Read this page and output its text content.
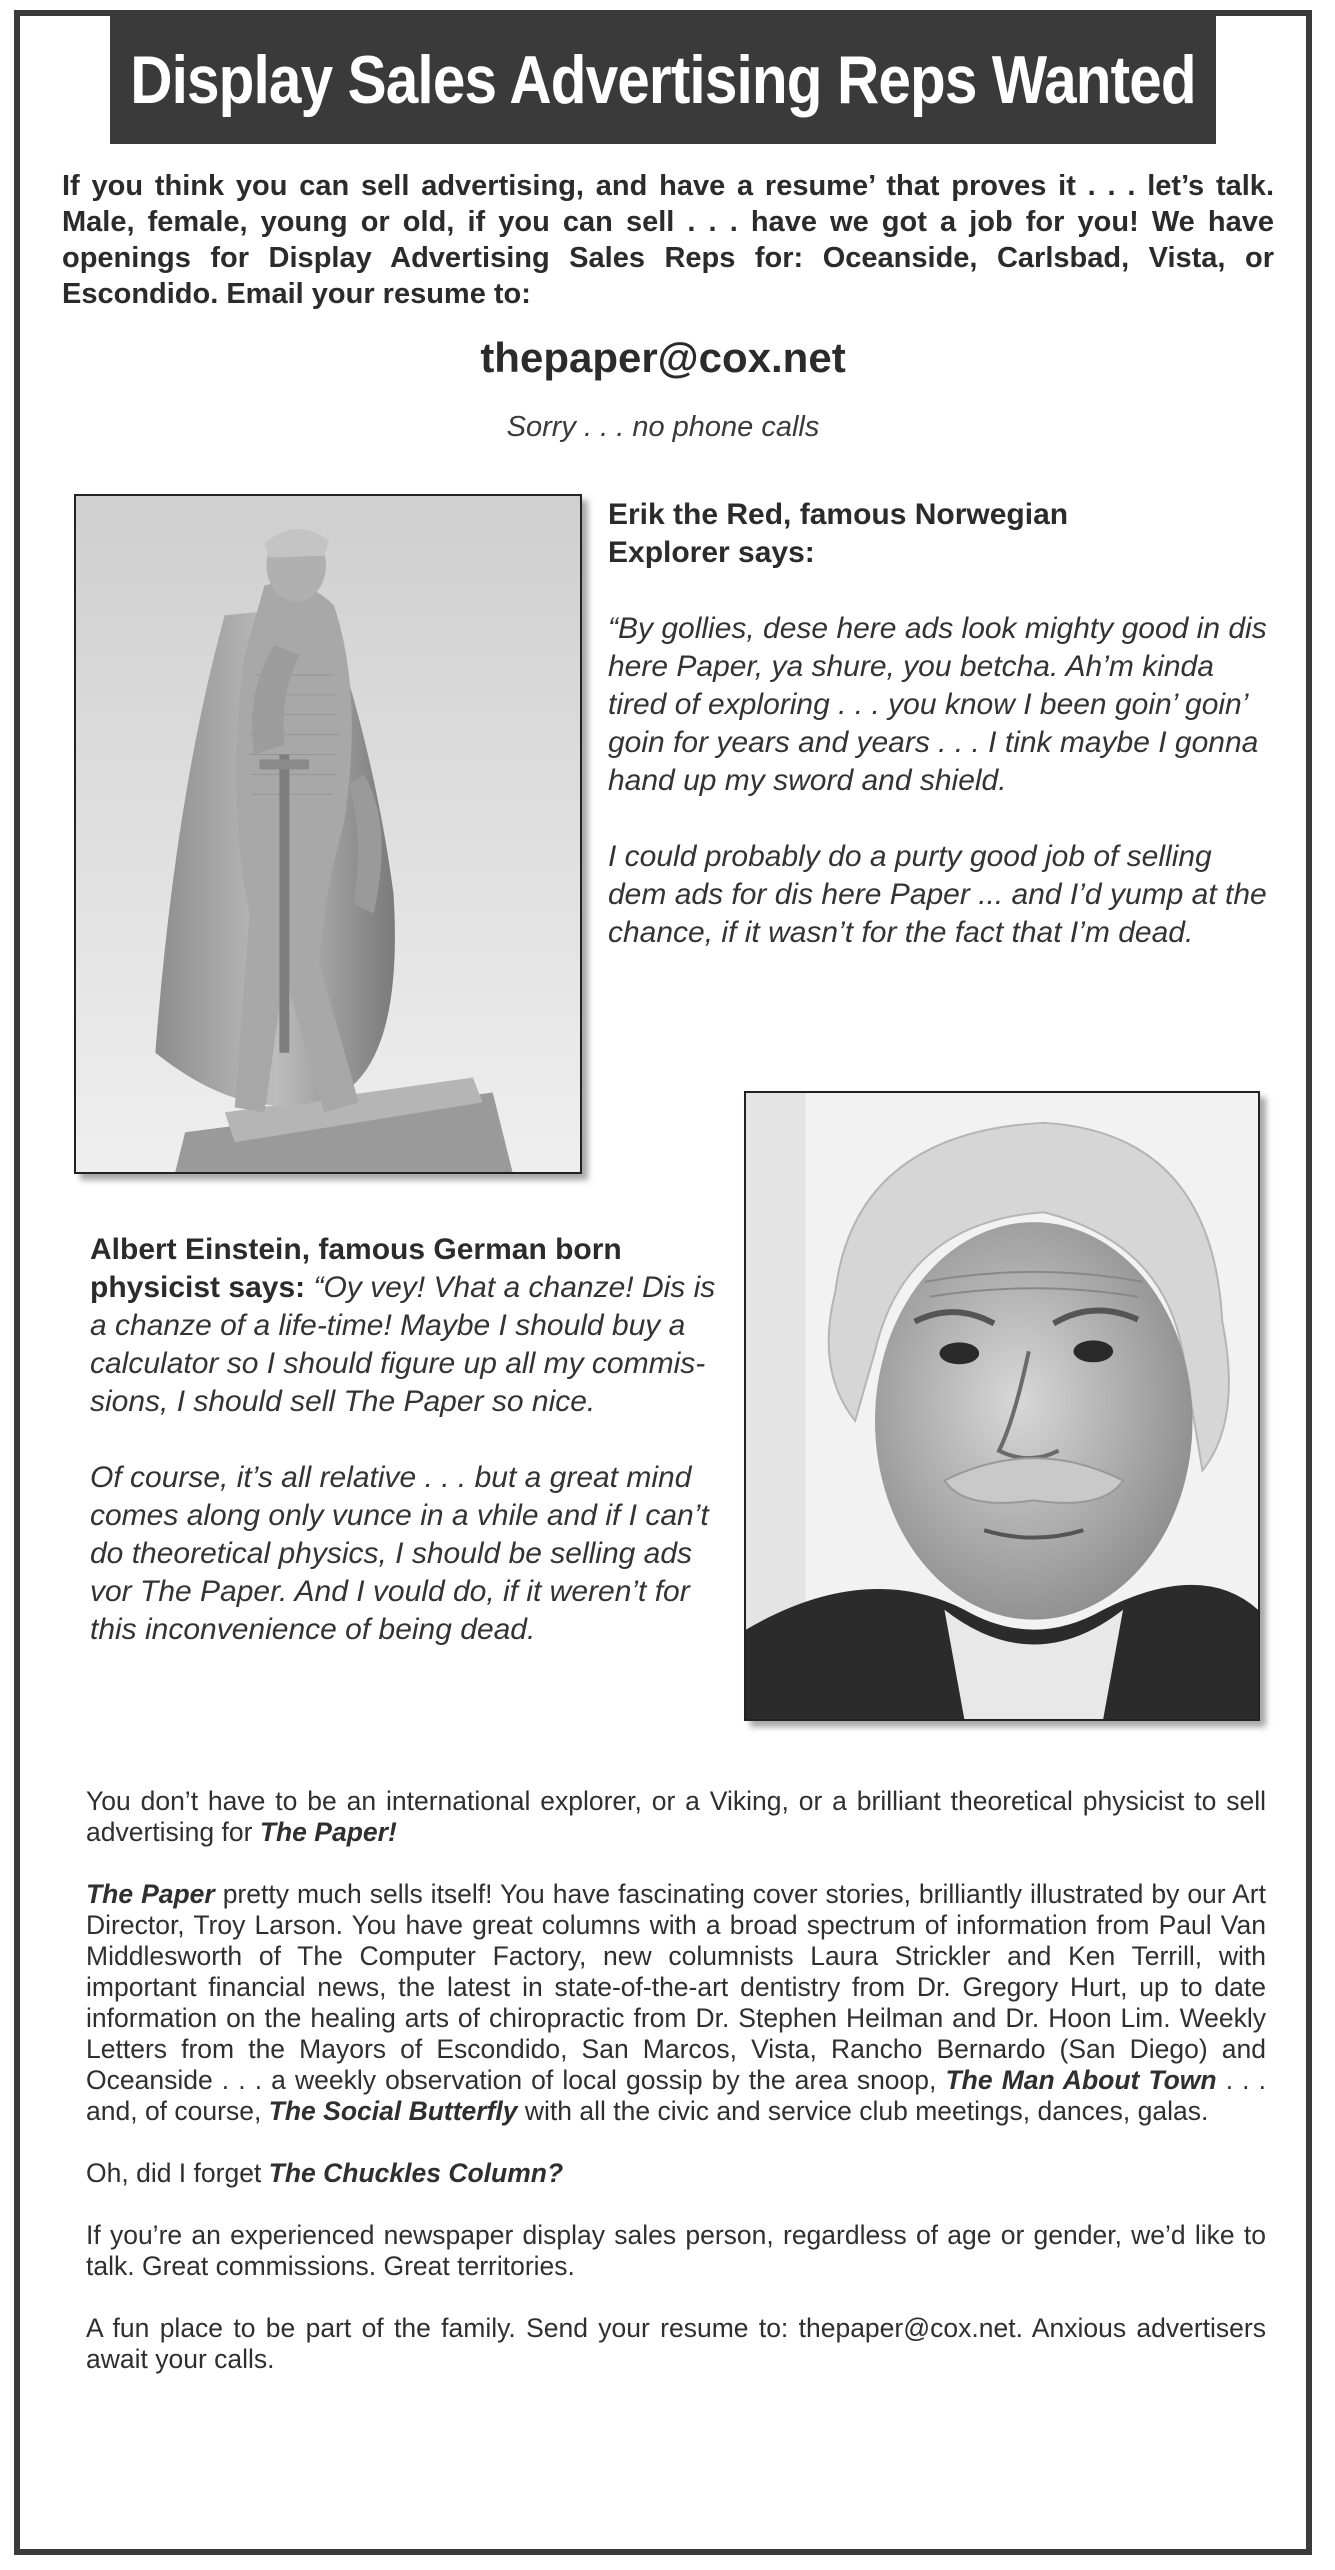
Display Sales Advertising Reps Wanted
If you think you can sell advertising, and have a resume’ that proves it . . . let’s talk. Male, female, young or old, if you can sell . . . have we got a job for you! We have openings for Display Advertising Sales Reps for: Oceanside, Carlsbad, Vista, or Escondido. Email your resume to:
thepaper@cox.net
Sorry . . . no phone calls
Erik the Red, famous Norwegian
Explorer says:

“By gollies, dese here ads look mighty good in dis here Paper, ya shure, you betcha. Ah’m kinda tired of exploring . . . you know I been goin’ goin’ goin for years and years . . . I tink maybe I gonna hand up my sword and shield.

I could probably do a purty good job of selling dem ads for dis here Paper ... and I’d yump at the chance, if it wasn’t for the fact that I’m dead.

Albert Einstein, famous German born physicist says: “Oy vey! Vhat a chanze! Dis is a chanze of a life-time! Maybe I should buy a calculator so I should figure up all my commis-sions, I should sell The Paper so nice.

Of course, it’s all relative . . . but a great mind comes along only vunce in a vhile and if I can’t do theoretical physics, I should be selling ads vor The Paper. And I vould do, if it weren’t for this inconvenience of being dead.

You don’t have to be an international explorer, or a Viking, or a brilliant theoretical physicist to sell advertising for The Paper!

The Paper pretty much sells itself! You have fascinating cover stories, brilliantly illustrated by our Art Director, Troy Larson. You have great columns with a broad spectrum of information from Paul Van Middlesworth of The Computer Factory, new columnists Laura Strickler and Ken Terrill, with important financial news, the latest in state-of-the-art dentistry from Dr. Gregory Hurt, up to date information on the healing arts of chiropractic from Dr. Stephen Heilman and Dr. Hoon Lim. Weekly Letters from the Mayors of Escondido, San Marcos, Vista, Rancho Bernardo (San Diego) and Oceanside . . . a weekly observation of local gossip by the area snoop, The Man About Town . . . and, of course, The Social Butterfly with all the civic and service club meetings, dances, galas.

Oh, did I forget The Chuckles Column?

If you’re an experienced newspaper display sales person, regardless of age or gender, we’d like to talk. Great commissions. Great territories.

A fun place to be part of the family. Send your resume to: thepaper@cox.net. Anxious advertisers await your calls.
